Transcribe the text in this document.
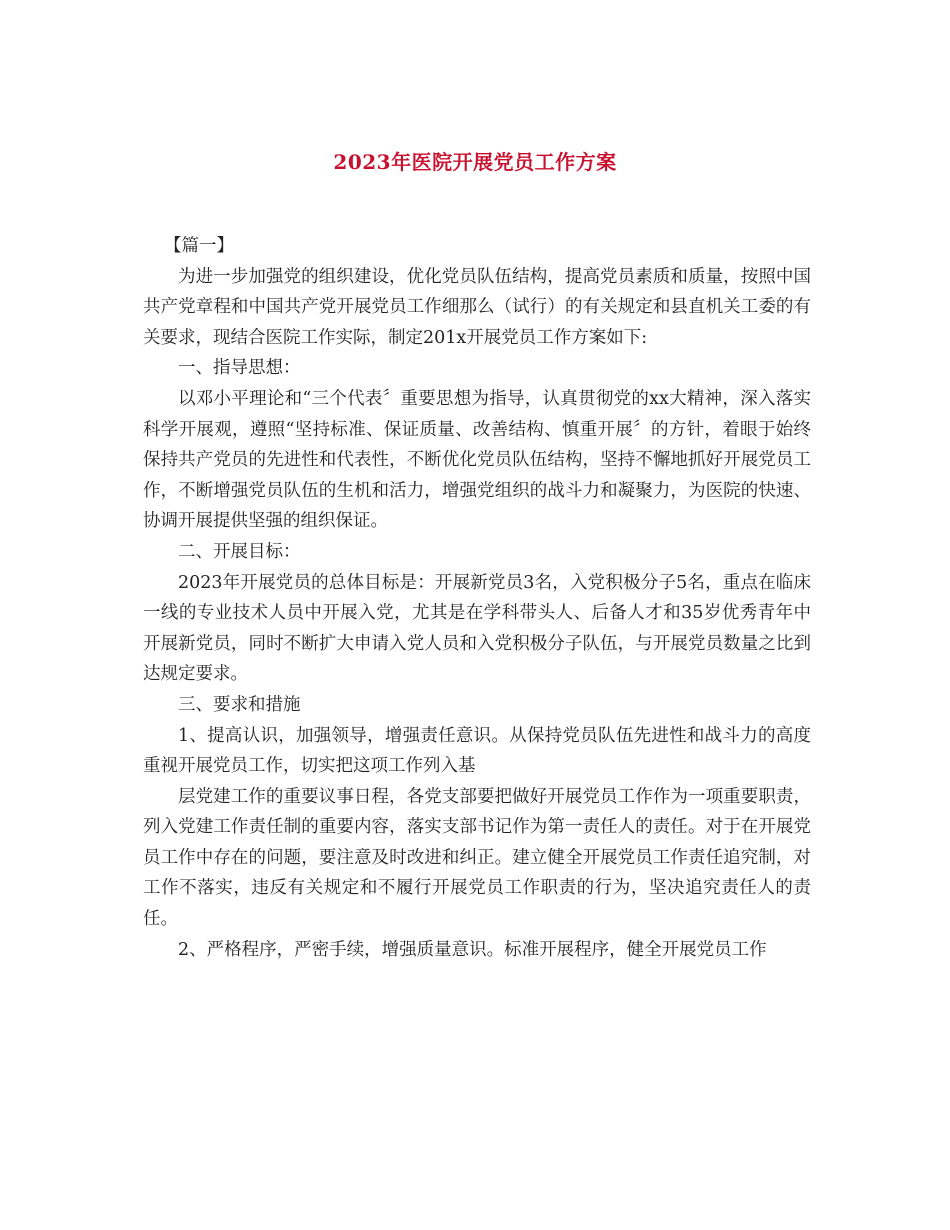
2023年医院开展党员工作方案

【篇一】

为进一步加强党的组织建设，优化党员队伍结构，提高党员素质和质量，按照中国共产党章程和中国共产党开展党员工作细那么（试行）的有关规定和县直机关工委的有关要求，现结合医院工作实际，制定201x开展党员工作方案如下:

一、指导思想：

以邓小平理论和“三个代表〞重要思想为指导，认真贯彻党的xx大精神，深入落实科学开展观，遵照“坚持标准、保证质量、改善结构、慎重开展〞的方针，着眼于始终保持共产党员的先进性和代表性，不断优化党员队伍结构，坚持不懈地抓好开展党员工作，不断增强党员队伍的生机和活力，增强党组织的战斗力和凝聚力，为医院的快速、协调开展提供坚强的组织保证。

二、开展目标：

2023年开展党员的总体目标是：开展新党员3名，入党积极分子5名，重点在临床一线的专业技术人员中开展入党，尤其是在学科带头人、后备人才和35岁优秀青年中开展新党员，同时不断扩大申请入党人员和入党积极分子队伍，与开展党员数量之比到达规定要求。

三、要求和措施

1、提高认识，加强领导，增强责任意识。从保持党员队伍先进性和战斗力的高度重视开展党员工作，切实把这项工作列入基

层党建工作的重要议事日程，各党支部要把做好开展党员工作作为一项重要职责，列入党建工作责任制的重要内容，落实支部书记作为第一责任人的责任。对于在开展党员工作中存在的问题，要注意及时改进和纠正。建立健全开展党员工作责任追究制，对工作不落实，违反有关规定和不履行开展党员工作职责的行为，坚决追究责任人的责任。

2、严格程序，严密手续，增强质量意识。标准开展程序，健全开展党员工作
